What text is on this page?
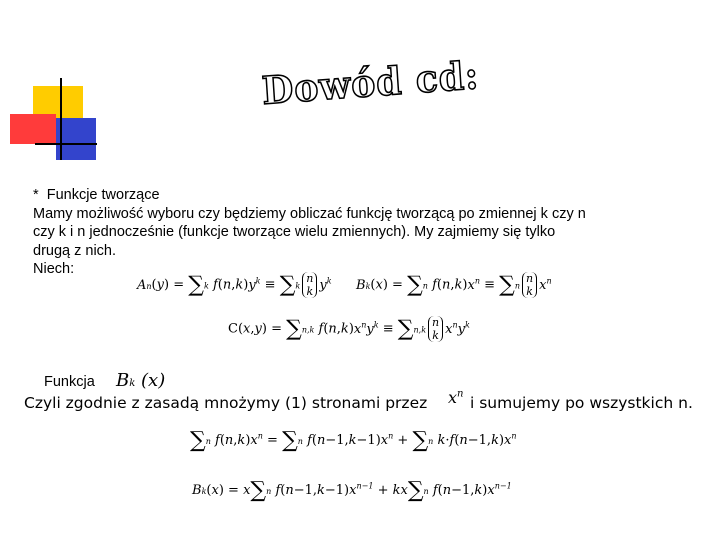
Dowód cd:

* Funkcje tworzące

Mamy możliwość wyboru czy będziemy obliczać funkcję tworzącą po zmiennej k czy n

czy k i n jednocześnie (funkcje tworzące wielu zmiennych). My zajmiemy się tylko

drugą z nich.

Niech:

An(y) = ∑k $f(n,k)y^k \equiv \sum kn$
k $y^k$ Bk(x) = ∑n $f(n,k)x^n \equiv \sum nn$
k $x^n$
C(x,y) = ∑n,k $f(n,k)x^ny^k \equiv \sum n,kn$
k $x^ny^k$
Funkcja Bk (x)
Czyli zgodnie z zasadą mnożymy (1) stronami przez $x^n$ i sumujemy po wszystkich n.
∑n $f(n,k)x^n = \sum n$ $f(n-1,k-1)x^n + \sum n$ $k\cdot f(n-1,k)x^n$
Bk(x) = x∑n $f(n-1,k-1)x^{n-1} + kx\sum n$ $f(n-1,k)x^{n-1}$
